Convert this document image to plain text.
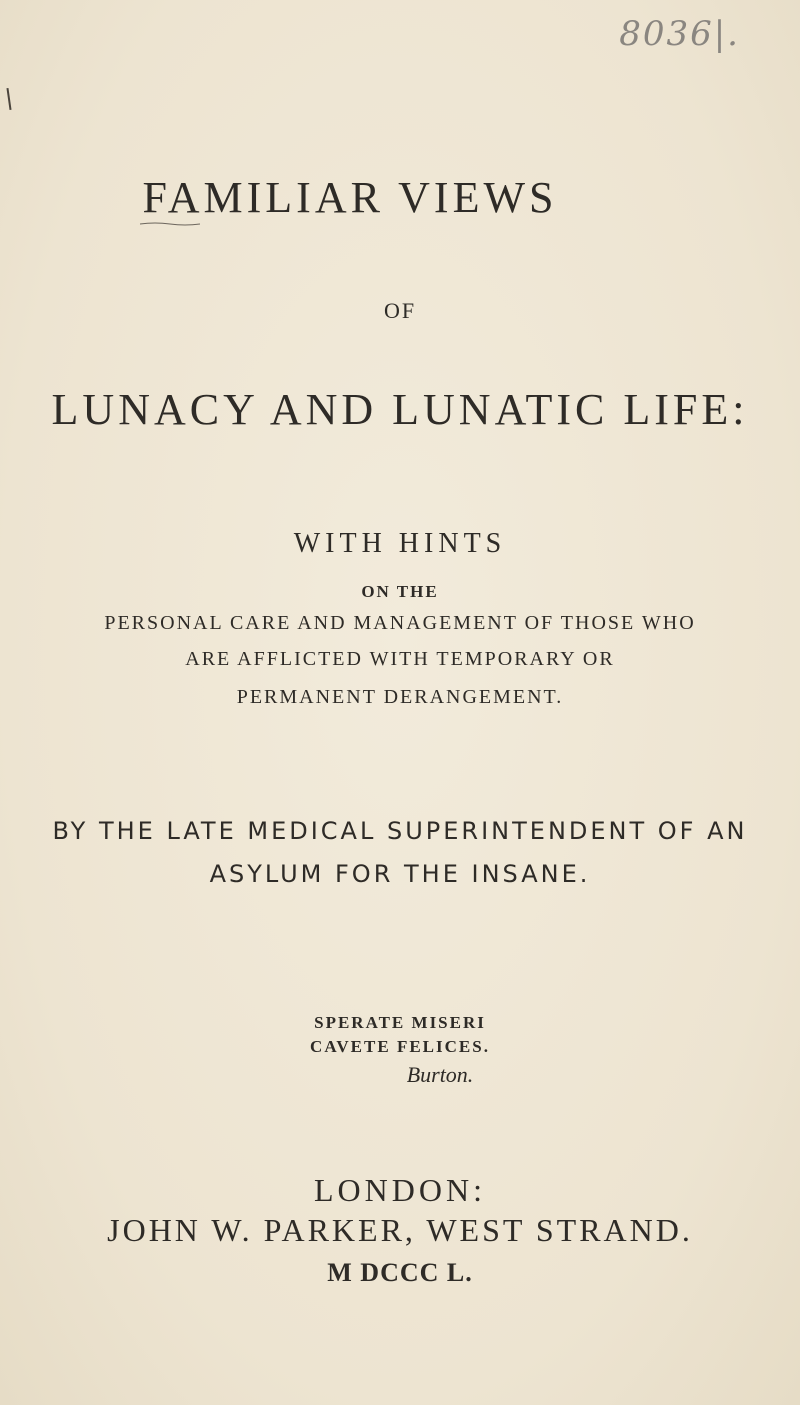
8036|.
FAMILIAR VIEWS
OF
LUNACY AND LUNATIC LIFE:
WITH HINTS
ON THE
PERSONAL CARE AND MANAGEMENT OF THOSE WHO
ARE AFFLICTED WITH TEMPORARY OR
PERMANENT DERANGEMENT.
BY THE LATE MEDICAL SUPERINTENDENT OF AN
ASYLUM FOR THE INSANE.
SPERATE MISERI
CAVETE FELICES.
Burton.
LONDON:
JOHN W. PARKER, WEST STRAND.
M DCCC L.
